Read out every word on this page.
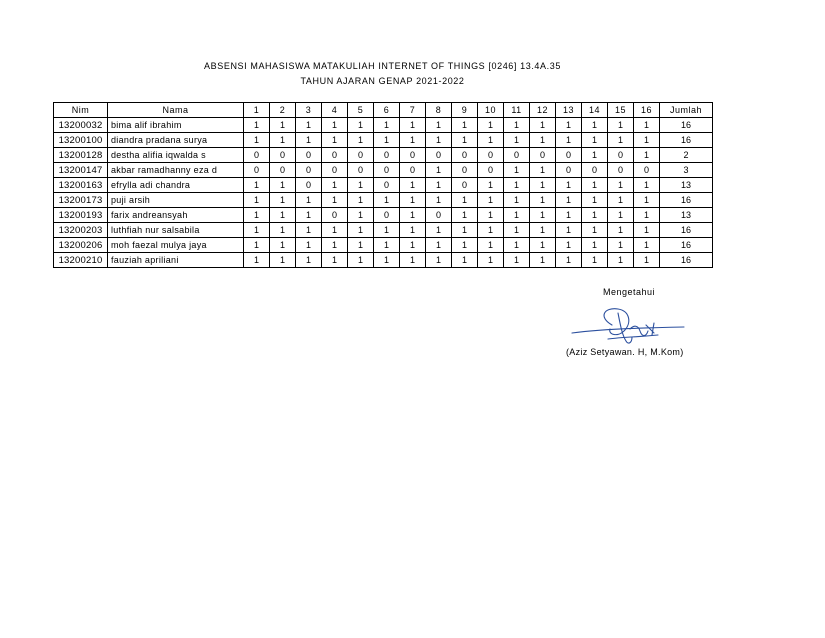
ABSENSI MAHASISWA MATAKULIAH INTERNET OF THINGS [0246] 13.4A.35
TAHUN AJARAN GENAP 2021-2022
Nim	Nama	1	2	3	4	5	6	7	8	9	10	11	12	13	14	15	16	Jumlah
13200032	bima alif ibrahim	1	1	1	1	1	1	1	1	1	1	1	1	1	1	1	1	16
13200100	diandra pradana surya	1	1	1	1	1	1	1	1	1	1	1	1	1	1	1	1	16
13200128	destha alifia iqwalda s	0	0	0	0	0	0	0	0	0	0	0	0	0	1	0	1	2
13200147	akbar ramadhanny eza d	0	0	0	0	0	0	0	1	0	0	1	1	0	0	0	0	3
13200163	efrylla adi chandra	1	1	0	1	1	0	1	1	0	1	1	1	1	1	1	1	13
13200173	puji arsih	1	1	1	1	1	1	1	1	1	1	1	1	1	1	1	1	16
13200193	farix andreansyah	1	1	1	0	1	0	1	0	1	1	1	1	1	1	1	1	13
13200203	luthfiah nur salsabila	1	1	1	1	1	1	1	1	1	1	1	1	1	1	1	1	16
13200206	moh faezal mulya jaya	1	1	1	1	1	1	1	1	1	1	1	1	1	1	1	1	16
13200210	fauziah apriliani	1	1	1	1	1	1	1	1	1	1	1	1	1	1	1	1	16
Mengetahui
(Aziz Setyawan. H, M.Kom)
